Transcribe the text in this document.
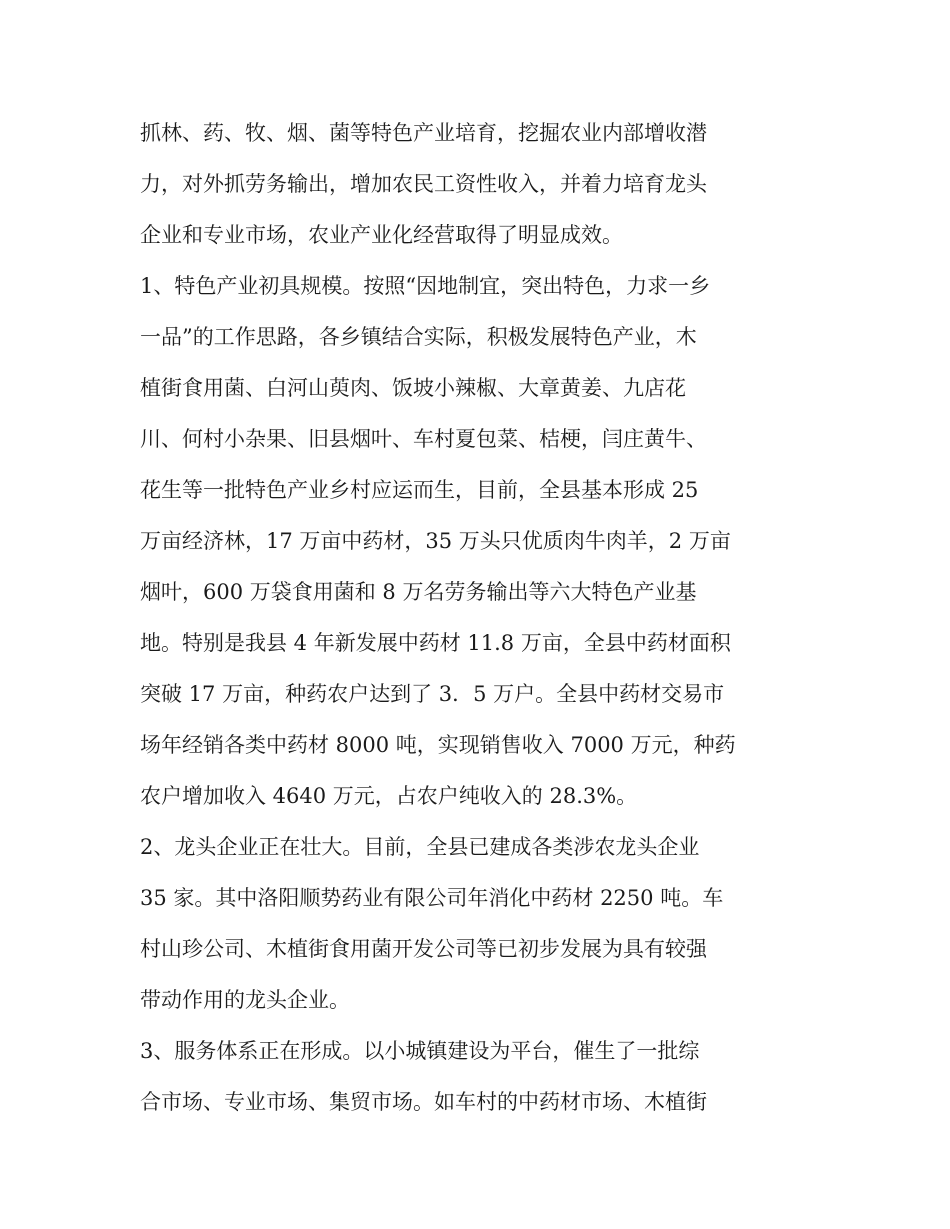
抓林、药、牧、烟、菌等特色产业培育，挖掘农业内部增收潜
力，对外抓劳务输出，增加农民工资性收入，并着力培育龙头
企业和专业市场，农业产业化经营取得了明显成效。
1、特色产业初具规模。按照“因地制宜，突出特色，力求一乡
一品”的工作思路，各乡镇结合实际，积极发展特色产业，木
植街食用菌、白河山萸肉、饭坡小辣椒、大章黄姜、九店花
川、何村小杂果、旧县烟叶、车村夏包菜、桔梗，闫庄黄牛、
花生等一批特色产业乡村应运而生，目前，全县基本形成 25
万亩经济林，17 万亩中药材，35 万头只优质肉牛肉羊，2 万亩
烟叶，600 万袋食用菌和 8 万名劳务输出等六大特色产业基
地。特别是我县 4 年新发展中药材 11.8 万亩，全县中药材面积
突破 17 万亩，种药农户达到了 3．5 万户。全县中药材交易市
场年经销各类中药材 8000 吨，实现销售收入 7000 万元，种药
农户增加收入 4640 万元，占农户纯收入的 28.3%。
2、龙头企业正在壮大。目前，全县已建成各类涉农龙头企业
35 家。其中洛阳顺势药业有限公司年消化中药材 2250 吨。车
村山珍公司、木植街食用菌开发公司等已初步发展为具有较强
带动作用的龙头企业。
3、服务体系正在形成。以小城镇建设为平台，催生了一批综
合市场、专业市场、集贸市场。如车村的中药材市场、木植街
